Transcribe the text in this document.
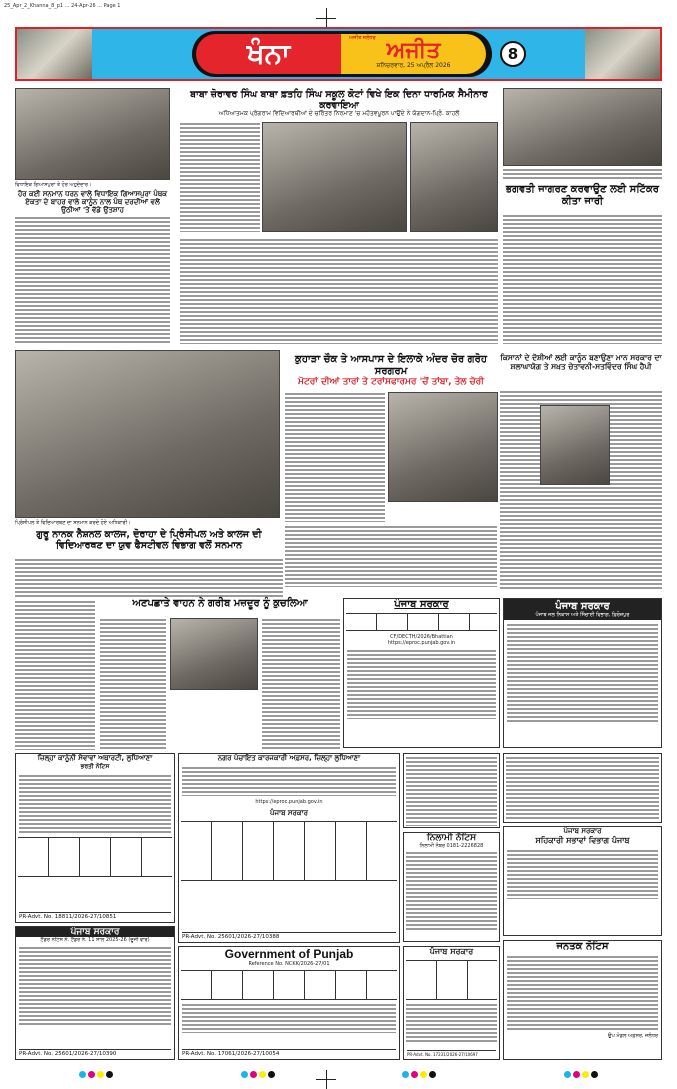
25_Apr_2_Khanna_8_p1 ... 24-Apr-26 ... Page 1
ਖੰਨਾ	ਅਜੀਤ ਜਲੰਧਰ ਅਜੀਤ
ਸ਼ਨਿਚਰਵਾਰ, 25 ਅਪ੍ਰੈਲ 2026
8
ਵਿਧਾਇਕ ਗਿਆਸਪੁਰਾ ਤੇ ਹੋਰ ਅਹੁਦੇਦਾਰ।
ਹੋਰ ਕਈ ਸਨਮਾਨ ਧਰਨ ਵਾਲੇ ਵਿਧਾਇਕ ਗਿਆਸਪੁਰਾ ਪੰਥਕ ਏਕਤਾ ਦੇ ਬਾਹਰ ਵਾਲੇ ਕਾਨੂੰਨ ਨਾਲ ਪੰਥ ਦਰਦੀਆਂ ਵਲੋਂ ਉਠੀਆਂ 'ਤੇ ਵੱਡੇ ਉਤਸ਼ਾਹ
ਬਾਬਾ ਜ਼ੋਰਾਵਰ ਸਿੰਘ ਬਾਬਾ ਫ਼ਤਹਿ ਸਿੰਘ ਸਕੂਲ ਕੋਟਾਂ ਵਿਖੇ ਇਕ ਦਿਨਾ ਧਾਰਮਿਕ ਸੈਮੀਨਾਰ ਕਰਵਾਇਆ
ਅਧਿਆਤਮਕ ਪ੍ਰੋਗਰਾਮ ਵਿਦਿਆਰਥੀਆਂ ਦੇ ਚਰਿੱਤਰ ਨਿਰਮਾਣ 'ਚ ਮਹੱਤਵਪੂਰਨ ਪਾਉਂਦੇ ਨੇ ਯੋਗਦਾਨ-ਪ੍ਰਿੰ. ਕਾਹਲੋਂ
ਭਗਵਤੀ ਜਾਗਰਣ ਕਰਵਾਉਣ ਲਈ ਸਟਿੱਕਰ ਕੀਤਾ ਜਾਰੀ
ਪ੍ਰਿੰਸੀਪਲ ਤੇ ਵਿਦਿਆਰਥਣ ਦਾ ਸਨਮਾਨ ਕਰਦੇ ਹੋਏ ਅਧਿਕਾਰੀ।
ਕੁਹਾੜਾ ਚੌਕ ਤੇ ਆਸਪਾਸ ਦੇ ਇਲਾਕੇ ਅੰਦਰ ਚੋਰ ਗਰੋਹ ਸਰਗਰਮ
ਮੋਟਰਾਂ ਦੀਆਂ ਤਾਰਾਂ ਤੇ ਟਰਾਂਸਫਾਰਮਰ 'ਚੋਂ ਤਾਂਬਾ, ਤੇਲ ਚੋਰੀ
ਕਿਸਾਨਾਂ ਦੇ ਦੋਸ਼ੀਆਂ ਲਈ ਕਾਨੂੰਨ ਬਣਾਉਣਾ ਮਾਨ ਸਰਕਾਰ ਦਾ ਸ਼ਲਾਘਾਯੋਗ ਤੇ ਸਖ਼ਤ ਚੇਤਾਵਨੀ-ਸਤਵਿੰਦਰ ਸਿੰਘ ਹੈਪੀ
ਗੁਰੂ ਨਾਨਕ ਨੈਸ਼ਨਲ ਕਾਲਜ, ਦੋਰਾਹਾ ਦੇ ਪ੍ਰਿੰਸੀਪਲ ਅਤੇ ਕਾਲਜ ਦੀ ਵਿਦਿਆਰਥਣ ਦਾ ਯੁਵ ਫੈਸਟੀਵਲ ਵਿਭਾਗ ਵਲੋਂ ਸਨਮਾਨ
ਅਣਪਛਾਤੇ ਵਾਹਨ ਨੇ ਗਰੀਬ ਮਜ਼ਦੂਰ ਨੂੰ ਕੁਚਲਿਆ	ਪੰਜਾਬ ਸਰਕਾਰ
CF/DECTH/2026/Bhattian
https://eproc.punjab.gov.in
ਪੰਜਾਬ ਸਰਕਾਰ
ਪੰਜਾਬ ਜਲ ਨਿਕਾਸ ਅਤੇ ਸਿੰਚਾਈ ਵਿਭਾਗ, ਫ਼ਿਰੋਜ਼ਪੁਰ
ਜ਼ਿਲ੍ਹਾ ਕਾਨੂੰਨੀ ਸੇਵਾਵਾਂ ਅਥਾਰਟੀ, ਲੁਧਿਆਣਾ
ਭਰਤੀ ਨੋਟਿਸ
PR-Advt. No. 18811/2026-27/10851
ਨਗਰ ਪੰਚਾਇਤ ਕਾਰਜਕਾਰੀ ਅਫ਼ਸਰ, ਜ਼ਿਲ੍ਹਾ ਲੁਧਿਆਣਾ
https://eproc.punjab.gov.in
ਪੰਜਾਬ ਸਰਕਾਰ
PR-Advt. No. 25601/2026-27/10388
ਨਿਲਾਮੀ ਨੋਟਿਸ
ਨਿਲਾਮੀ ਨੰਬਰ 0181-2226828
ਪੰਜਾਬ ਸਰਕਾਰ
ਸਹਿਕਾਰੀ ਸਭਾਵਾਂ ਵਿਭਾਗ ਪੰਜਾਬ
ਪੰਜਾਬ ਸਰਕਾਰ
ਟੈਂਡਰ ਨੋਟਿਸ ਨੰ. ਟੈਂਡਰ ਨੰ. 11 ਸਾਲ 2025-26 (ਦੂਜੀ ਵਾਰ)
PR-Advt. No. 25601/2026-27/10390
Government of Punjab
Reference No. NCKK/2026-27/01
PR-Advt. No. 17061/2026-27/10054
ਪੰਜਾਬ ਸਰਕਾਰ
PR-Advt. No. 17231/2026-27/10697
ਜਨਤਕ ਨੋਟਿਸ
ਉਪ ਮੰਡਲ ਅਫ਼ਸਰ, ਜਲੰਧਰ
